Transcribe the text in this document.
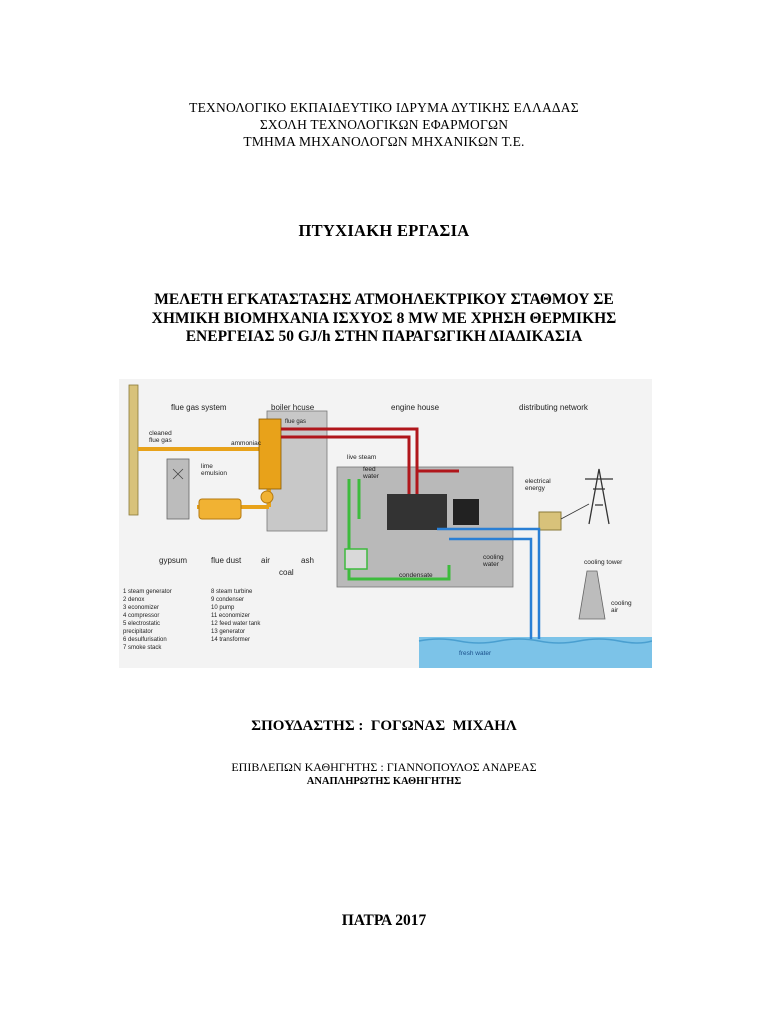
ΤΕΧΝΟΛΟΓΙΚΟ ΕΚΠΑΙΔΕΥΤΙΚΟ ΙΔΡΥΜΑ ΔΥΤΙΚΗΣ ΕΛΛΑΔΑΣ
ΣΧΟΛΗ ΤΕΧΝΟΛΟΓΙΚΩΝ ΕΦΑΡΜΟΓΩΝ
ΤΜΗΜΑ ΜΗΧΑΝΟΛΟΓΩΝ ΜΗΧΑΝΙΚΩΝ Τ.Ε.
ΠΤΥΧΙΑΚΗ ΕΡΓΑΣΙΑ
ΜΕΛΕΤΗ ΕΓΚΑΤΑΣΤΑΣΗΣ ΑΤΜΟΗΛΕΚΤΡΙΚΟΥ ΣΤΑΘΜΟΥ ΣΕ
ΧΗΜΙΚΗ ΒΙΟΜΗΧΑΝΙΑ ΙΣΧΥΟΣ 8 MW ΜΕ ΧΡΗΣΗ ΘΕΡΜΙΚΗΣ
ΕΝΕΡΓΕΙΑΣ 50 GJ/h ΣΤΗΝ ΠΑΡΑΓΩΓΙΚΗ ΔΙΑΔΙΚΑΣΙΑ
flue gas system	boiler hcuse	engine house	distributing network
cleaned
flue gas	ammoniac
flue gas
lime
emulsion
live steam
feed
water
electrical
energy
gypsum	flue dust air	ash
coal
cooling
water
condensate
cooling tower
cooling
air
fresh water
1 steam generator
2 denox
3 economizer
4 compressor
5 electrostatic
precipitator
6 desulfurisation
7 smoke stack
8 steam turbine
9 condenser
10 pump
11 economizer
12 feed water tank
13 generator
14 transformer
ΣΠΟΥΔΑΣΤΗΣ :  ΓΟΓΩΝΑΣ  ΜΙΧΑΗΛ
ΕΠΙΒΛΕΠΩΝ ΚΑΘΗΓΗΤΗΣ : ΓΙΑΝΝΟΠΟΥΛΟΣ ΑΝΔΡΕΑΣ
ΑΝΑΠΛΗΡΩΤΗΣ ΚΑΘΗΓΗΤΗΣ
ΠΑΤΡΑ 2017
